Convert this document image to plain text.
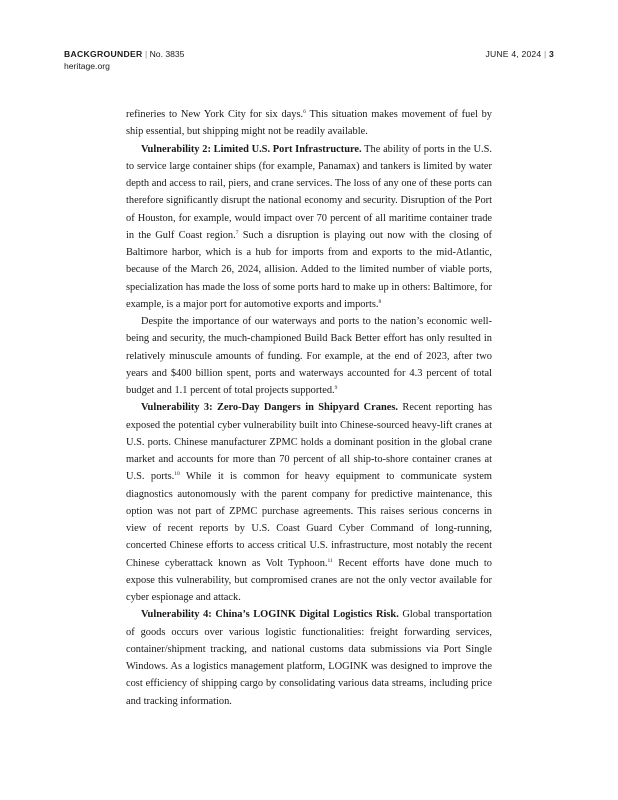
BACKGROUNDER | No. 3835
heritage.org
JUNE 4, 2024 | 3

refineries to New York City for six days.$^6$ This situation makes movement of fuel by ship essential, but shipping might not be readily available.

Vulnerability 2: Limited U.S. Port Infrastructure. The ability of ports in the U.S. to service large container ships (for example, Panamax) and tankers is limited by water depth and access to rail, piers, and crane services. The loss of any one of these ports can therefore significantly disrupt the national economy and security. Disruption of the Port of Houston, for example, would impact over 70 percent of all maritime container trade in the Gulf Coast region.$^7$ Such a disruption is playing out now with the closing of Baltimore harbor, which is a hub for imports from and exports to the mid-Atlantic, because of the March 26, 2024, allision. Added to the limited number of viable ports, specialization has made the loss of some ports hard to make up in others: Baltimore, for example, is a major port for automotive exports and imports.$^8$

Despite the importance of our waterways and ports to the nation’s economic well-being and security, the much-championed Build Back Better effort has only resulted in relatively minuscule amounts of funding. For example, at the end of 2023, after two years and $400 billion spent, ports and waterways accounted for 4.3 percent of total budget and 1.1 percent of total projects supported.$^9$

Vulnerability 3: Zero-Day Dangers in Shipyard Cranes. Recent reporting has exposed the potential cyber vulnerability built into Chinese-sourced heavy-lift cranes at U.S. ports. Chinese manufacturer ZPMC holds a dominant position in the global crane market and accounts for more than 70 percent of all ship-to-shore container cranes at U.S. ports.$^{10}$ While it is common for heavy equipment to communicate system diagnostics autonomously with the parent company for predictive maintenance, this option was not part of ZPMC purchase agreements. This raises serious concerns in view of recent reports by U.S. Coast Guard Cyber Command of long-running, concerted Chinese efforts to access critical U.S. infrastructure, most notably the recent Chinese cyberattack known as Volt Typhoon.$^{11}$ Recent efforts have done much to expose this vulnerability, but compromised cranes are not the only vector available for cyber espionage and attack.

Vulnerability 4: China’s LOGINK Digital Logistics Risk. Global transportation of goods occurs over various logistic functionalities: freight forwarding services, container/shipment tracking, and national customs data submissions via Port Single Windows. As a logistics management platform, LOGINK was designed to improve the cost efficiency of shipping cargo by consolidating various data streams, including price and tracking information.
